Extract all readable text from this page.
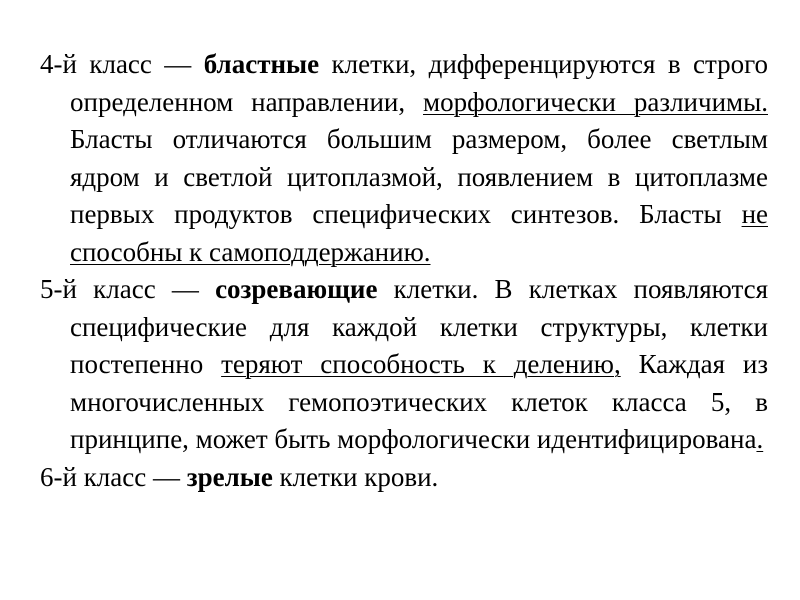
4-й класс — бластные клетки, дифференцируются в строго определенном направлении, морфологически различимы. Бласты отличаются большим размером, более светлым ядром и светлой цитоплазмой, появлением в цитоплазме первых продуктов специфических синтезов. Бласты не способны к самоподдержанию.

5-й класс — созревающие клетки. В клетках появляются специфические для каждой клетки структуры, клетки постепенно теряют способность к делению, Каждая из многочисленных гемопоэтических клеток класса 5, в принципе, может быть морфологически идентифицирована.

6-й класс — зрелые клетки крови.
